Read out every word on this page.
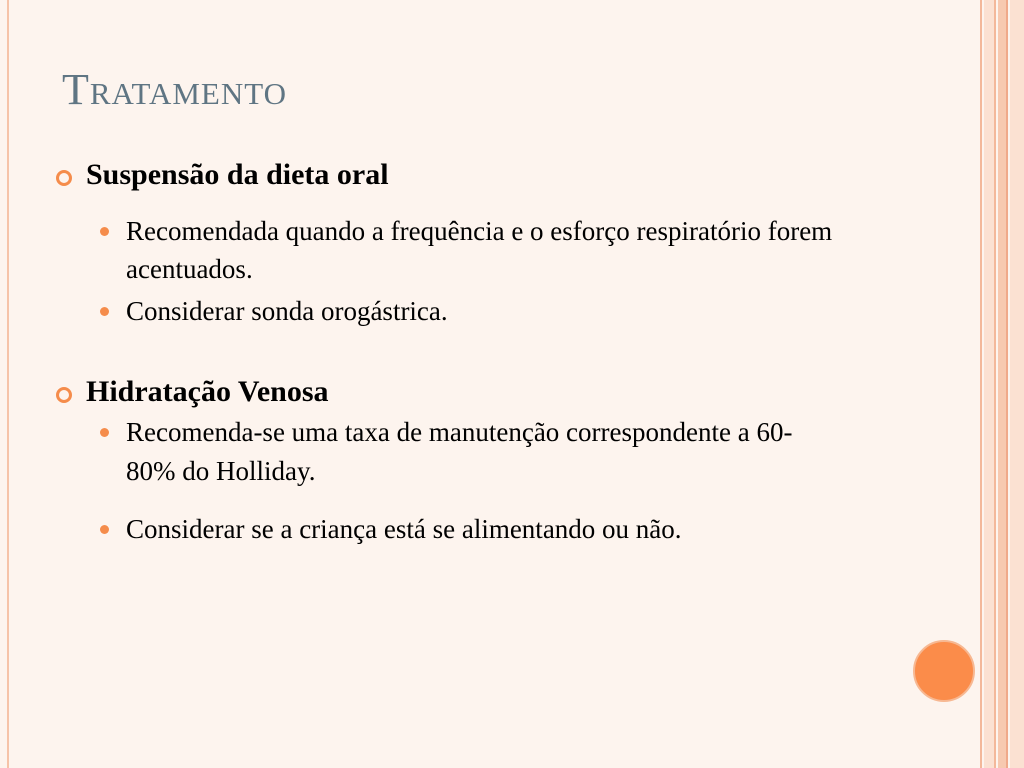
Tratamento
Suspensão da dieta oral
Recomendada quando a frequência e o esforço respiratório forem acentuados.
Considerar sonda orogástrica.
Hidratação Venosa
Recomenda-se uma taxa de manutenção correspondente a 60-80% do Holliday.
Considerar se a criança está se alimentando ou não.
